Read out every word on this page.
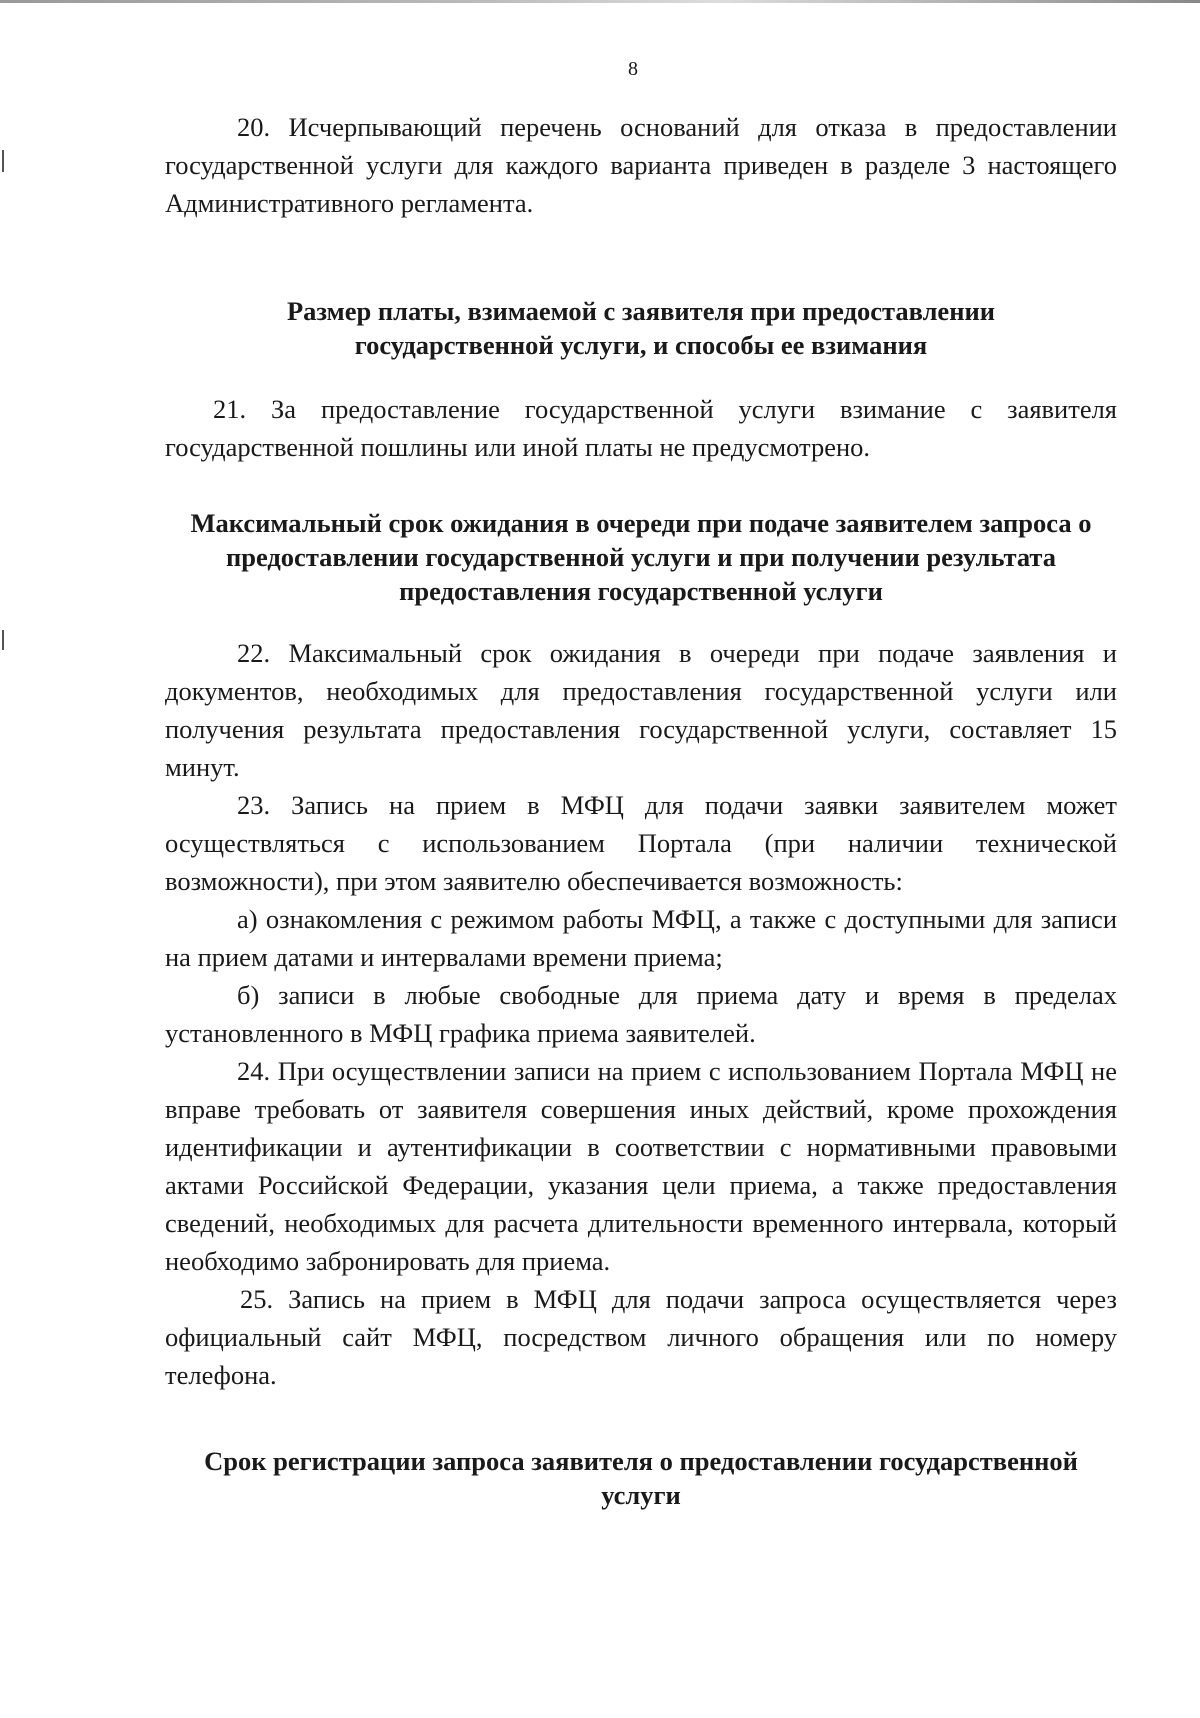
8

20. Исчерпывающий перечень оснований для отказа в предоставлении государственной услуги для каждого варианта приведен в разделе 3 настоящего Административного регламента.

Размер платы, взимаемой с заявителя при предоставлении государственной услуги, и способы ее взимания

21. За предоставление государственной услуги взимание с заявителя государственной пошлины или иной платы не предусмотрено.

Максимальный срок ожидания в очереди при подаче заявителем запроса о предоставлении государственной услуги и при получении результата предоставления государственной услуги

22. Максимальный срок ожидания в очереди при подаче заявления и документов, необходимых для предоставления государственной услуги или получения результата предоставления государственной услуги, составляет 15 минут.

23. Запись на прием в МФЦ для подачи заявки заявителем может осуществляться с использованием Портала (при наличии технической возможности), при этом заявителю обеспечивается возможность:

а) ознакомления с режимом работы МФЦ, а также с доступными для записи на прием датами и интервалами времени приема;

б) записи в любые свободные для приема дату и время в пределах установленного в МФЦ графика приема заявителей.

24. При осуществлении записи на прием с использованием Портала МФЦ не вправе требовать от заявителя совершения иных действий, кроме прохождения идентификации и аутентификации в соответствии с нормативными правовыми актами Российской Федерации, указания цели приема, а также предоставления сведений, необходимых для расчета длительности временного интервала, который необходимо забронировать для приема.

25. Запись на прием в МФЦ для подачи запроса осуществляется через официальный сайт МФЦ, посредством личного обращения или по номеру телефона.

Срок регистрации запроса заявителя о предоставлении государственной услуги
